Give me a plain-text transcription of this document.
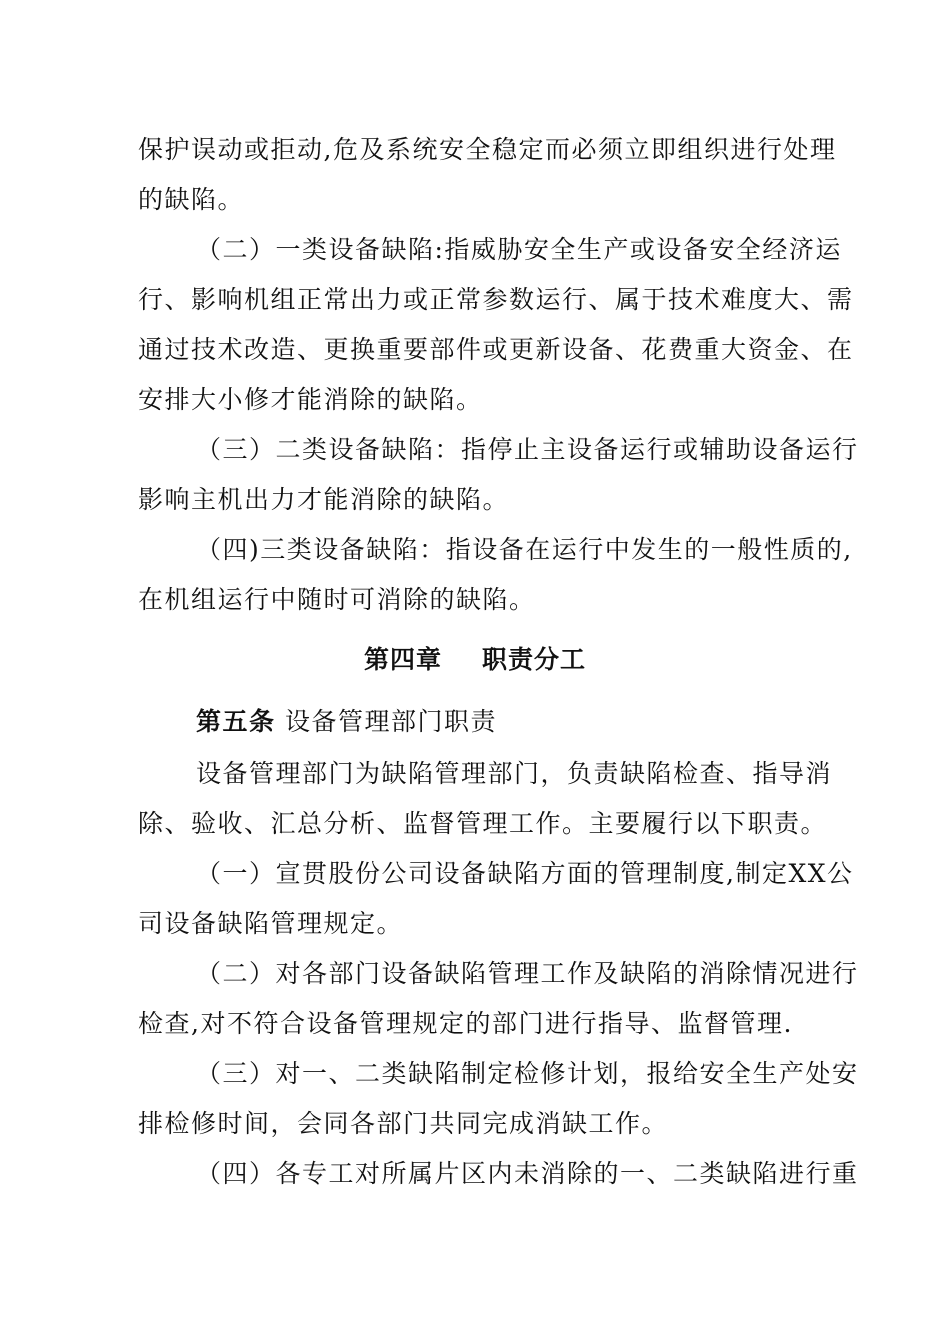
保护误动或拒动,危及系统安全稳定而必须立即组织进行处理
的缺陷。
（二）一类设备缺陷:指威胁安全生产或设备安全经济运
行、影响机组正常出力或正常参数运行、属于技术难度大、需
通过技术改造、更换重要部件或更新设备、花费重大资金、在
安排大小修才能消除的缺陷。
（三）二类设备缺陷：指停止主设备运行或辅助设备运行
影响主机出力才能消除的缺陷。
（四)三类设备缺陷：指设备在运行中发生的一般性质的,
在机组运行中随时可消除的缺陷。
第四章 职责分工
第五条 设备管理部门职责
设备管理部门为缺陷管理部门，负责缺陷检查、指导消
除、验收、汇总分析、监督管理工作。主要履行以下职责。
（一）宣贯股份公司设备缺陷方面的管理制度,制定XX公
司设备缺陷管理规定。
（二）对各部门设备缺陷管理工作及缺陷的消除情况进行
检查,对不符合设备管理规定的部门进行指导、监督管理.
（三）对一、二类缺陷制定检修计划，报给安全生产处安
排检修时间，会同各部门共同完成消缺工作。
（四）各专工对所属片区内未消除的一、二类缺陷进行重
